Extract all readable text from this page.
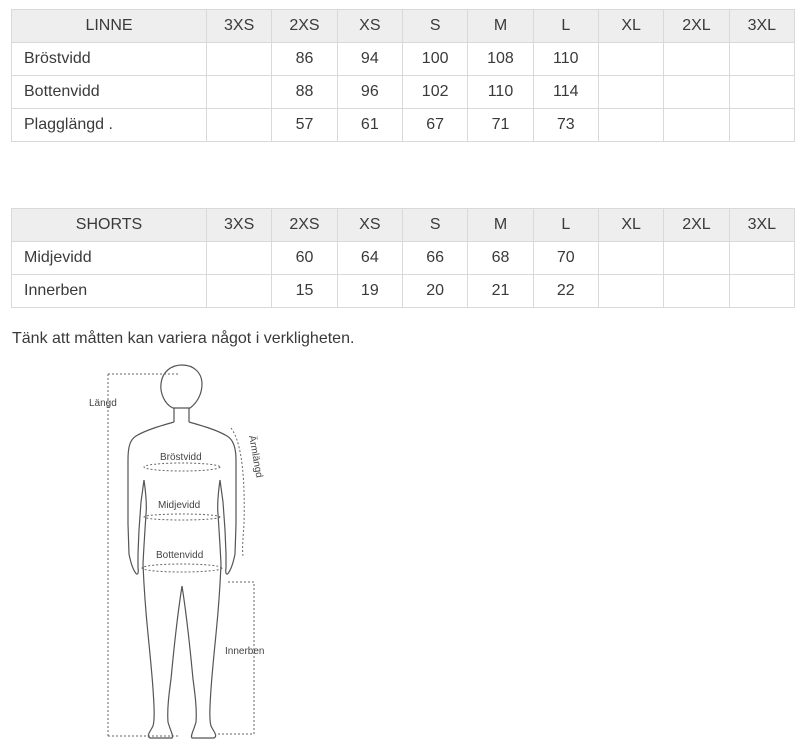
LINNE	3XS	2XS	XS	S	M	L	XL	2XL	3XL
Bröstvidd		86	94	100	108	110			
Bottenvidd		88	96	102	110	114			
Plagglängd .		57	61	67	71	73			
SHORTS	3XS	2XS	XS	S	M	L	XL	2XL	3XL
Midjevidd		60	64	66	68	70			
Innerben		15	19	20	21	22			
Tänk att måtten kan variera något i verkligheten.
Längd
Bröstvidd
Midjevidd
Bottenvidd
Ärmlängd
Innerben
